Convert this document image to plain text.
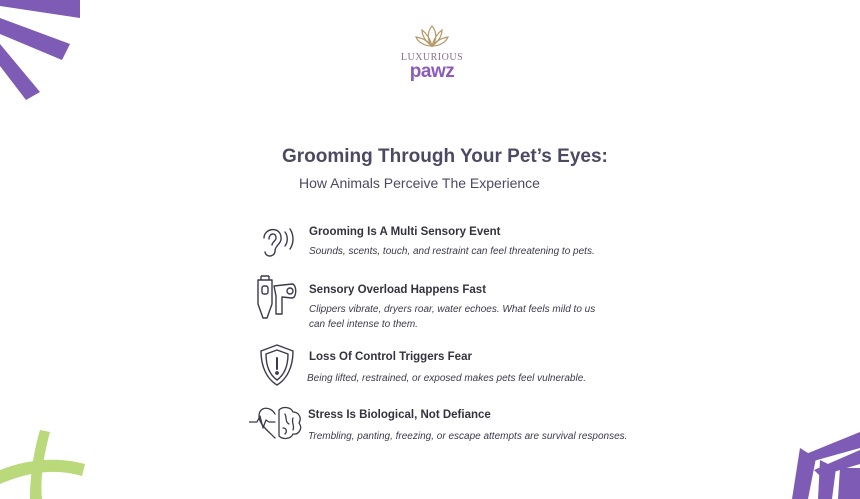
LUXURIOUS
pawz
Grooming Through Your Pet’s Eyes:
How Animals Perceive The Experience
Grooming Is A Multi Sensory Event
Sounds, scents, touch, and restraint can feel threatening to pets.
Sensory Overload Happens Fast
Clippers vibrate, dryers roar, water echoes. What feels mild to us can feel intense to them.
Loss Of Control Triggers Fear
Being lifted, restrained, or exposed makes pets feel vulnerable.
Stress Is Biological, Not Defiance
Trembling, panting, freezing, or escape attempts are survival responses.
